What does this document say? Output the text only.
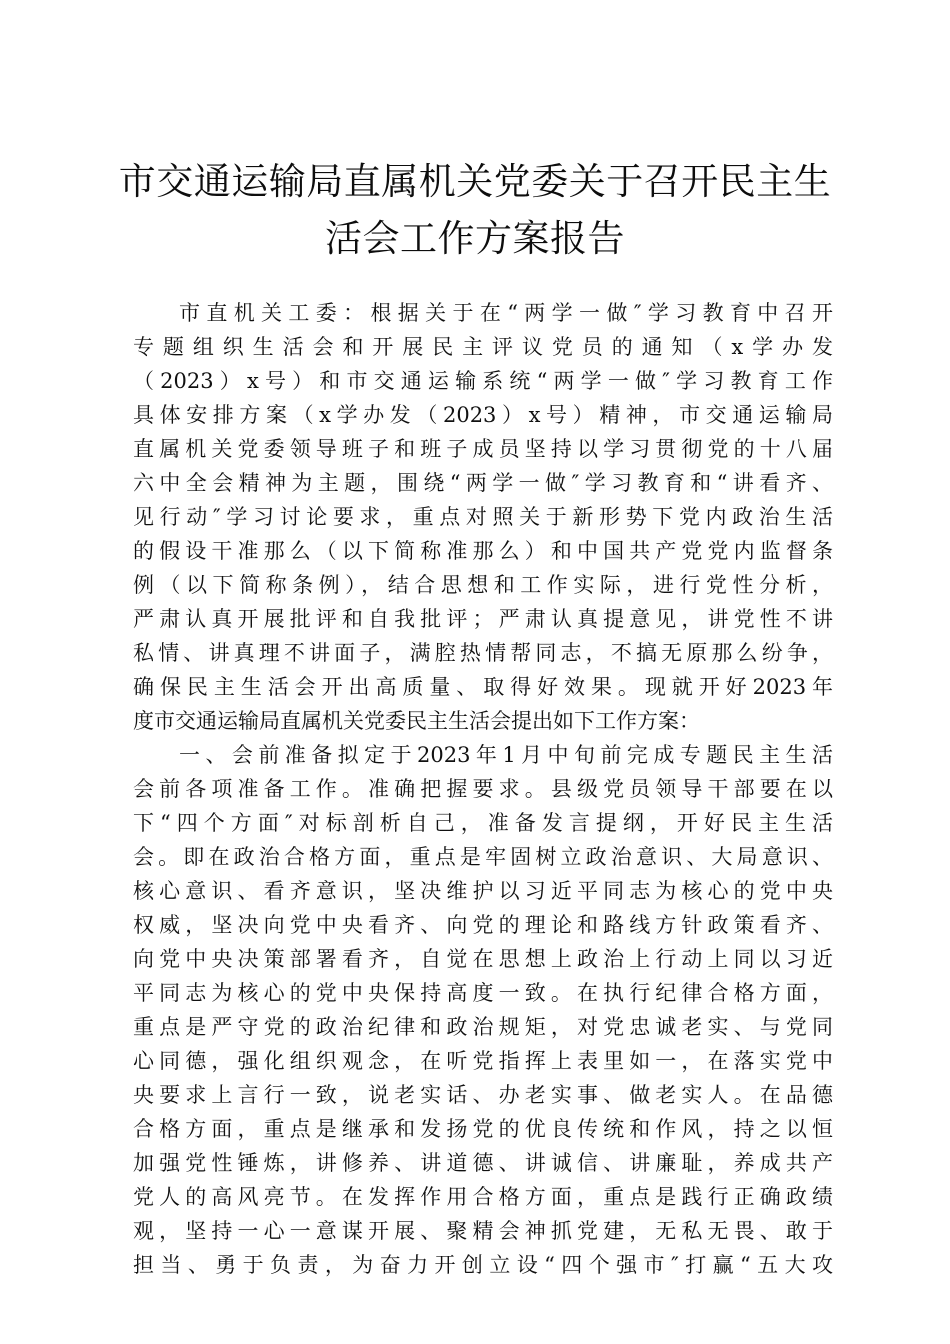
市交通运输局直属机关党委关于召开民主生
活会工作方案报告
市直机关工委：根据关于在“两学一做″学习教育中召开
专题组织生活会和开展民主评议党员的通知（x学办发
（2023）x号）和市交通运输系统“两学一做″学习教育工作
具体安排方案（x学办发（2023）x号）精神，市交通运输局
直属机关党委领导班子和班子成员坚持以学习贯彻党的十八届
六中全会精神为主题，围绕“两学一做″学习教育和“讲看齐、
见行动″学习讨论要求，重点对照关于新形势下党内政治生活
的假设干准那么（以下简称准那么）和中国共产党党内监督条
例（以下简称条例），结合思想和工作实际，进行党性分析，
严肃认真开展批评和自我批评；严肃认真提意见，讲党性不讲
私情、讲真理不讲面子，满腔热情帮同志，不搞无原那么纷争，
确保民主生活会开出高质量、取得好效果。现就开好2023年
度市交通运输局直属机关党委民主生活会提出如下工作方案：
一、会前准备拟定于2023年1月中旬前完成专题民主生活
会前各项准备工作。准确把握要求。县级党员领导干部要在以
下“四个方面″对标剖析自己，准备发言提纲，开好民主生活
会。即在政治合格方面，重点是牢固树立政治意识、大局意识、
核心意识、看齐意识，坚决维护以习近平同志为核心的党中央
权威，坚决向党中央看齐、向党的理论和路线方针政策看齐、
向党中央决策部署看齐，自觉在思想上政治上行动上同以习近
平同志为核心的党中央保持高度一致。在执行纪律合格方面，
重点是严守党的政治纪律和政治规矩，对党忠诚老实、与党同
心同德，强化组织观念，在听党指挥上表里如一，在落实党中
央要求上言行一致，说老实话、办老实事、做老实人。在品德
合格方面，重点是继承和发扬党的优良传统和作风，持之以恒
加强党性锤炼，讲修养、讲道德、讲诚信、讲廉耻，养成共产
党人的高风亮节。在发挥作用合格方面，重点是践行正确政绩
观，坚持一心一意谋开展、聚精会神抓党建，无私无畏、敢于
担当、勇于负责，为奋力开创立设“四个强市″打赢“五大攻
